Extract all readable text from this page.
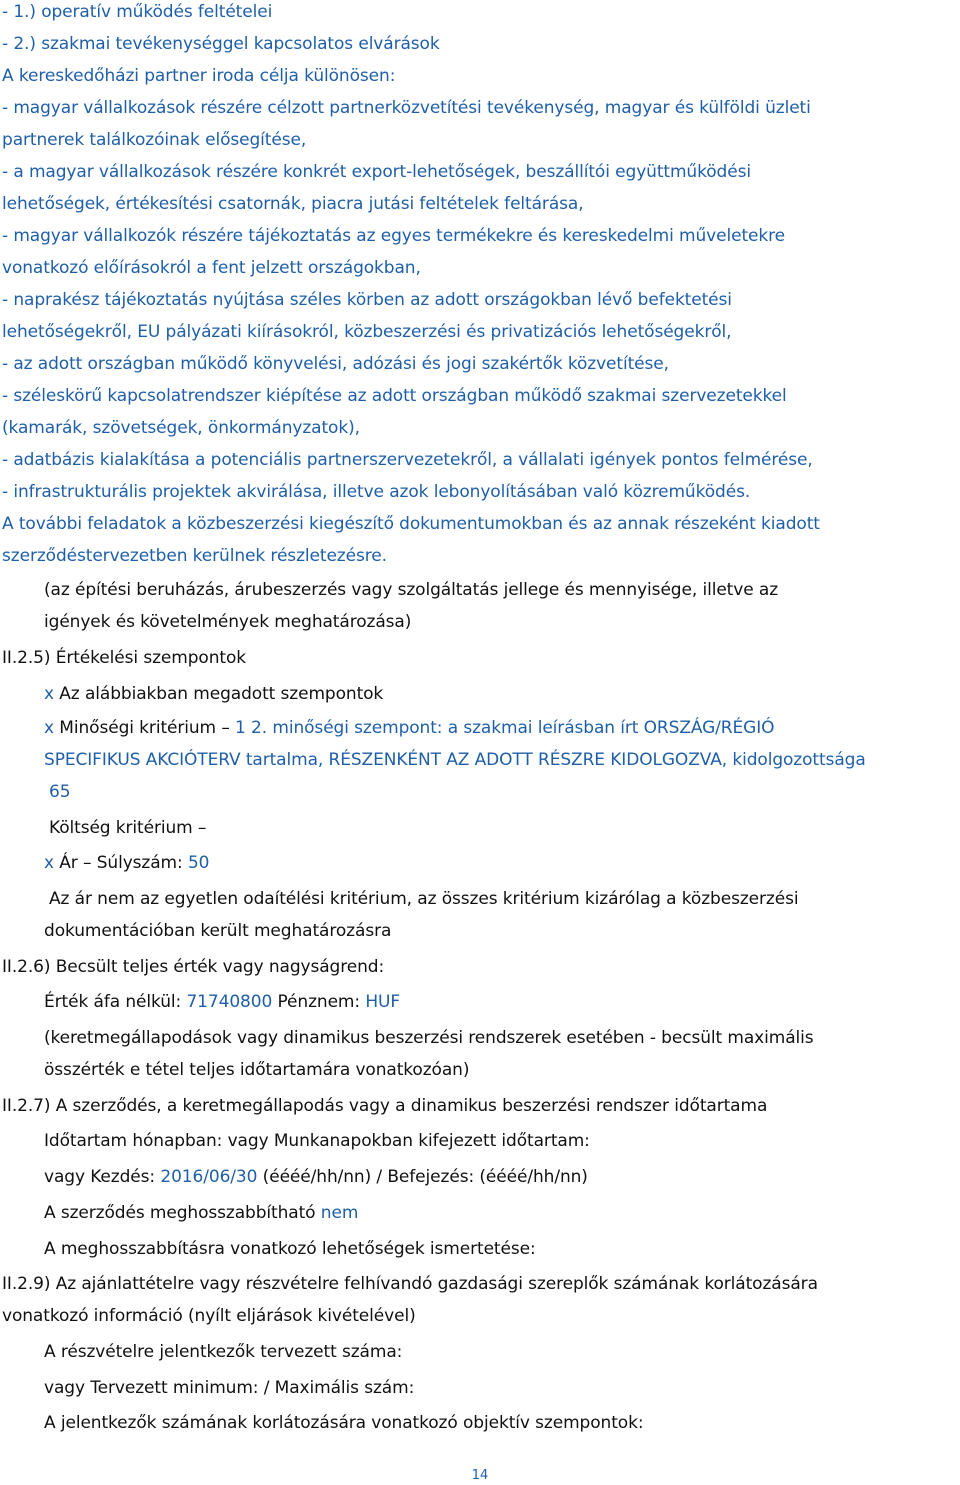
- 1.) operatív működés feltételei
- 2.) szakmai tevékenységgel kapcsolatos elvárások
A kereskedőházi partner iroda célja különösen:
- magyar vállalkozások részére célzott partnerközvetítési tevékenység, magyar és külföldi üzleti
partnerek találkozóinak elősegítése,
- a magyar vállalkozások részére konkrét export-lehetőségek, beszállítói együttműködési
lehetőségek, értékesítési csatornák, piacra jutási feltételek feltárása,
- magyar vállalkozók részére tájékoztatás az egyes termékekre és kereskedelmi műveletekre
vonatkozó előírásokról a fent jelzett országokban,
- naprakész tájékoztatás nyújtása széles körben az adott országokban lévő befektetési
lehetőségekről, EU pályázati kiírásokról, közbeszerzési és privatizációs lehetőségekről,
- az adott országban működő könyvelési, adózási és jogi szakértők közvetítése,
- széleskörű kapcsolatrendszer kiépítése az adott országban működő szakmai szervezetekkel
(kamarák, szövetségek, önkormányzatok),
- adatbázis kialakítása a potenciális partnerszervezetekről, a vállalati igények pontos felmérése,
- infrastrukturális projektek akvirálása, illetve azok lebonyolításában való közreműködés.
A további feladatok a közbeszerzési kiegészítő dokumentumokban és az annak részeként kiadott
szerződéstervezetben kerülnek részletezésre.
(az építési beruházás, árubeszerzés vagy szolgáltatás jellege és mennyisége, illetve az
igények és követelmények meghatározása)
II.2.5) Értékelési szempontok
x Az alábbiakban megadott szempontok
x Minőségi kritérium – 1 2. minőségi szempont: a szakmai leírásban írt ORSZÁG/RÉGIÓ
SPECIFIKUS AKCIÓTERV tartalma, RÉSZENKÉNT AZ ADOTT RÉSZRE KIDOLGOZVA, kidolgozottsága
65
Költség kritérium –
x Ár – Súlyszám: 50
Az ár nem az egyetlen odaítélési kritérium, az összes kritérium kizárólag a közbeszerzési
dokumentációban került meghatározásra
II.2.6) Becsült teljes érték vagy nagyságrend:
Érték áfa nélkül: 71740800 Pénznem: HUF
(keretmegállapodások vagy dinamikus beszerzési rendszerek esetében - becsült maximális
összérték e tétel teljes időtartamára vonatkozóan)
II.2.7) A szerződés, a keretmegállapodás vagy a dinamikus beszerzési rendszer időtartama
Időtartam hónapban: vagy Munkanapokban kifejezett időtartam:
vagy Kezdés: 2016/06/30 (éééé/hh/nn) / Befejezés: (éééé/hh/nn)
A szerződés meghosszabbítható nem
A meghosszabbításra vonatkozó lehetőségek ismertetése:
II.2.9) Az ajánlattételre vagy részvételre felhívandó gazdasági szereplők számának korlátozására
vonatkozó információ (nyílt eljárások kivételével)
A részvételre jelentkezők tervezett száma:
vagy Tervezett minimum: / Maximális szám:
A jelentkezők számának korlátozására vonatkozó objektív szempontok:
14
